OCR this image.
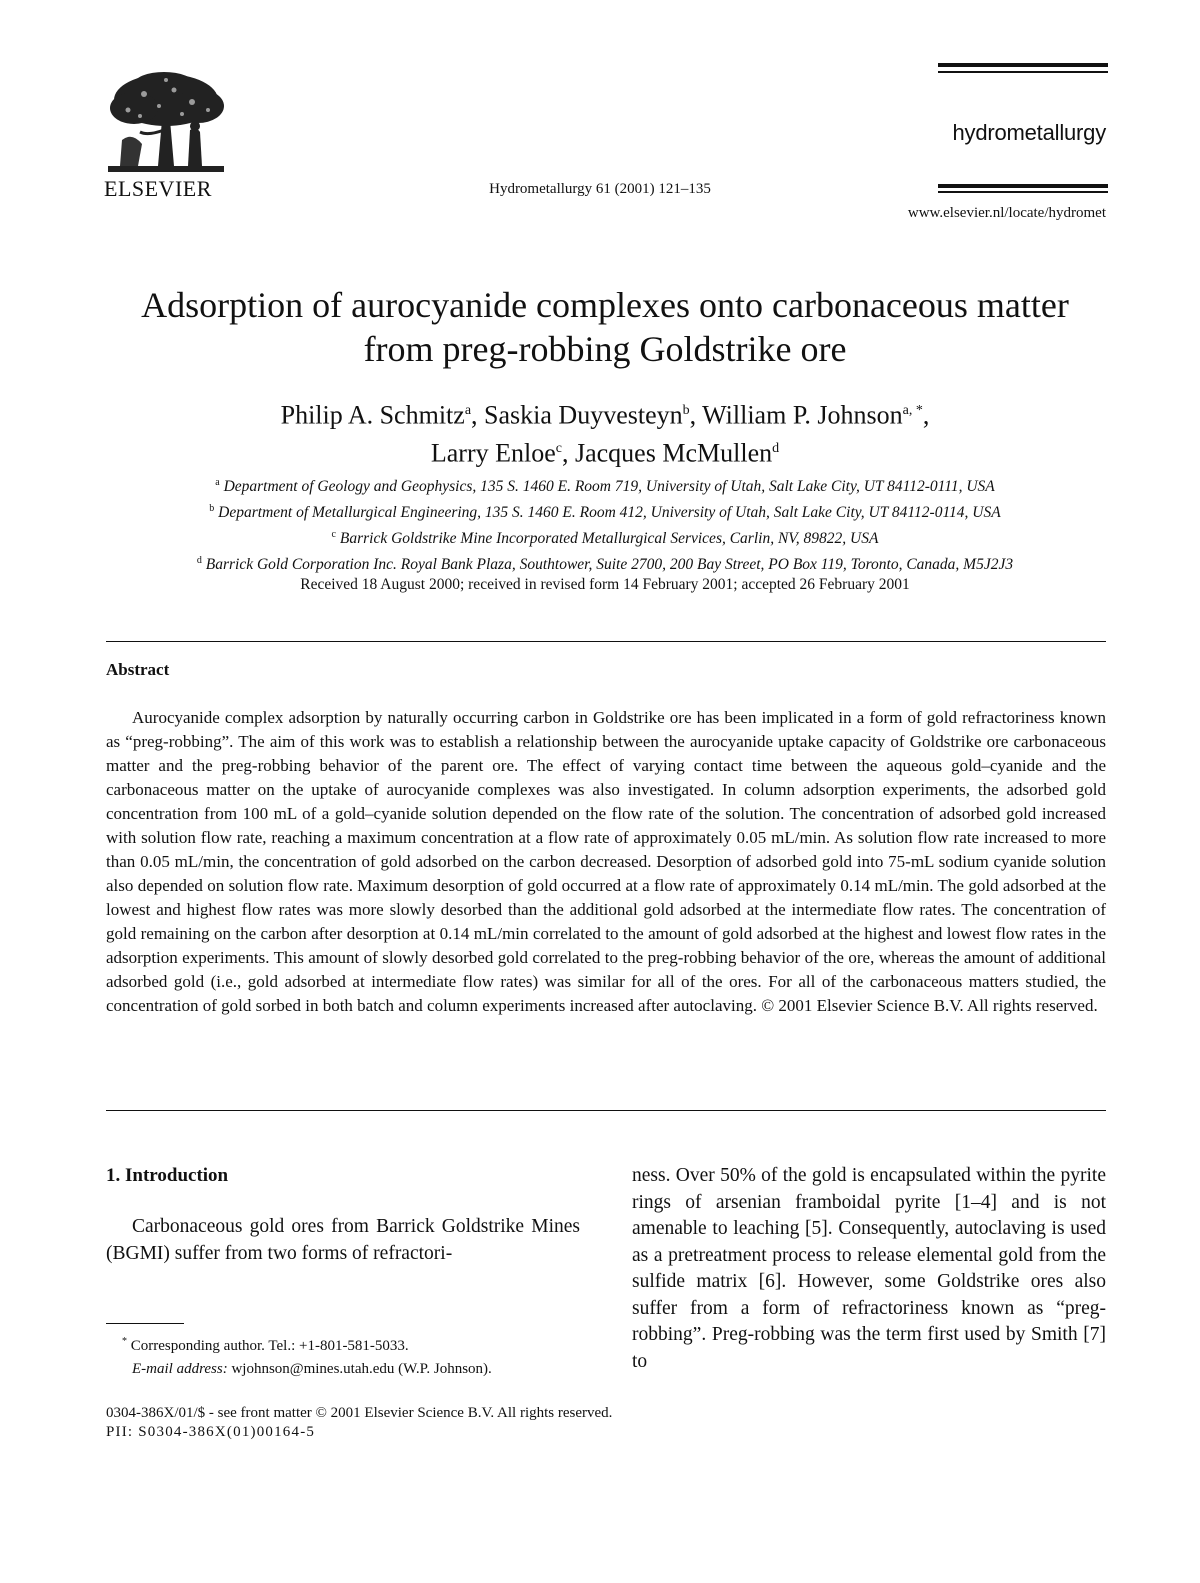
ELSEVIER	Hydrometallurgy 61 (2001) 121–135
hydrometallurgy
www.elsevier.nl/locate/hydromet
Adsorption of aurocyanide complexes onto carbonaceous matter
from preg-robbing Goldstrike ore
Philip A. Schmitz$^a$, Saskia Duyvesteyn$^b$, William P. Johnson$^{a, *}$,
Larry Enloe$^c$, Jacques McMullen$^d$
$^a$ Department of Geology and Geophysics, 135 S. 1460 E. Room 719, University of Utah, Salt Lake City, UT 84112-0111, USA
$^b$ Department of Metallurgical Engineering, 135 S. 1460 E. Room 412, University of Utah, Salt Lake City, UT 84112-0114, USA
$^c$ Barrick Goldstrike Mine Incorporated Metallurgical Services, Carlin, NV, 89822, USA
$^d$ Barrick Gold Corporation Inc. Royal Bank Plaza, Southtower, Suite 2700, 200 Bay Street, PO Box 119, Toronto, Canada, M5J2J3
Received 18 August 2000; received in revised form 14 February 2001; accepted 26 February 2001
Abstract
Aurocyanide complex adsorption by naturally occurring carbon in Goldstrike ore has been implicated in a form of gold refractoriness known as “preg-robbing”. The aim of this work was to establish a relationship between the aurocyanide uptake capacity of Goldstrike ore carbonaceous matter and the preg-robbing behavior of the parent ore. The effect of varying contact time between the aqueous gold–cyanide and the carbonaceous matter on the uptake of aurocyanide complexes was also investigated. In column adsorption experiments, the adsorbed gold concentration from 100 mL of a gold–cyanide solution depended on the flow rate of the solution. The concentration of adsorbed gold increased with solution flow rate, reaching a maximum concentration at a flow rate of approximately 0.05 mL/min. As solution flow rate increased to more than 0.05 mL/min, the concentration of gold adsorbed on the carbon decreased. Desorption of adsorbed gold into 75-mL sodium cyanide solution also depended on solution flow rate. Maximum desorption of gold occurred at a flow rate of approximately 0.14 mL/min. The gold adsorbed at the lowest and highest flow rates was more slowly desorbed than the additional gold adsorbed at the intermediate flow rates. The concentration of gold remaining on the carbon after desorption at 0.14 mL/min correlated to the amount of gold adsorbed at the highest and lowest flow rates in the adsorption experiments. This amount of slowly desorbed gold correlated to the preg-robbing behavior of the ore, whereas the amount of additional adsorbed gold (i.e., gold adsorbed at intermediate flow rates) was similar for all of the ores. For all of the carbonaceous matters studied, the concentration of gold sorbed in both batch and column experiments increased after autoclaving. © 2001 Elsevier Science B.V. All rights reserved.
1. Introduction
Carbonaceous gold ores from Barrick Goldstrike Mines (BGMI) suffer from two forms of refractori-
ness. Over 50% of the gold is encapsulated within the pyrite rings of arsenian framboidal pyrite [1–4] and is not amenable to leaching [5]. Consequently, autoclaving is used as a pretreatment process to release elemental gold from the sulfide matrix [6]. However, some Goldstrike ores also suffer from a form of refractoriness known as “preg-robbing”. Preg-robbing was the term first used by Smith [7] to
* Corresponding author. Tel.: +1-801-581-5033.
E-mail address: wjohnson@mines.utah.edu (W.P. Johnson).
0304-386X/01/$ - see front matter © 2001 Elsevier Science B.V. All rights reserved.
PII: S0304-386X(01)00164-5
